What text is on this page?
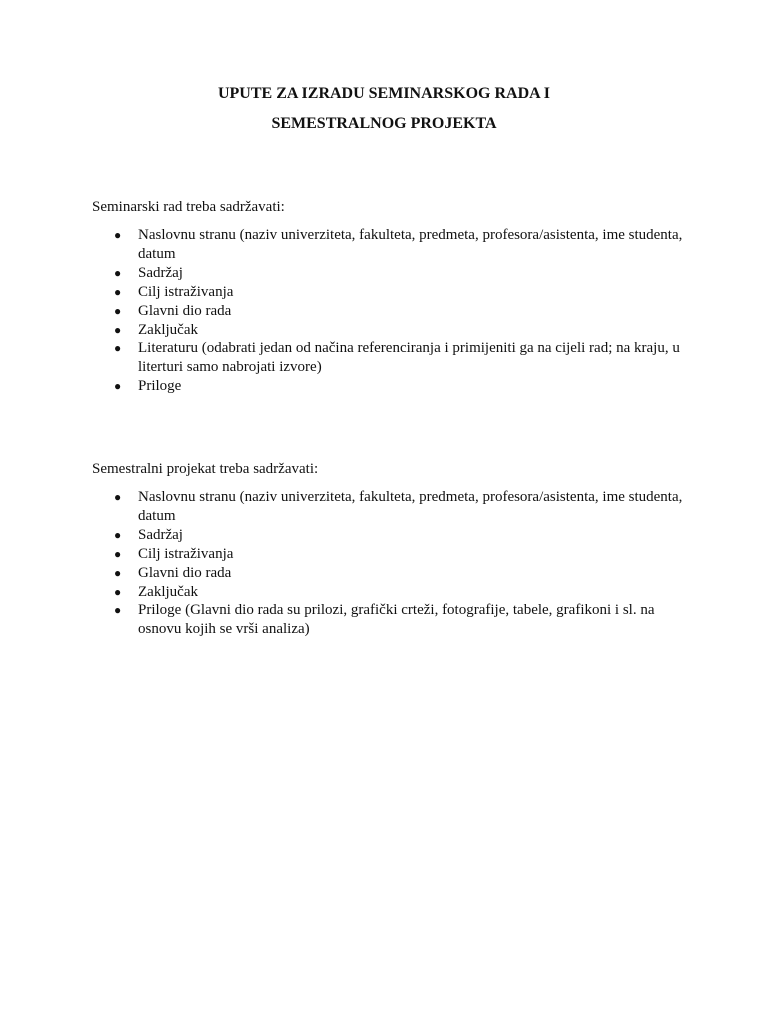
UPUTE ZA IZRADU SEMINARSKOG RADA I
SEMESTRALNOG PROJEKTA

Seminarski rad treba sadržavati:

● Naslovnu stranu (naziv univerziteta, fakulteta, predmeta, profesora/asistenta, ime studenta, datum
● Sadržaj
● Cilj istraživanja
● Glavni dio rada
● Zaključak
● Literaturu (odabrati jedan od načina referenciranja i primijeniti ga na cijeli rad; na kraju, u literturi samo nabrojati izvore)
● Priloge

Semestralni projekat treba sadržavati:

● Naslovnu stranu (naziv univerziteta, fakulteta, predmeta, profesora/asistenta, ime studenta, datum
● Sadržaj
● Cilj istraživanja
● Glavni dio rada
● Zaključak
● Priloge (Glavni dio rada su prilozi, grafički crteži, fotografije, tabele, grafikoni i sl. na osnovu kojih se vrši analiza)
